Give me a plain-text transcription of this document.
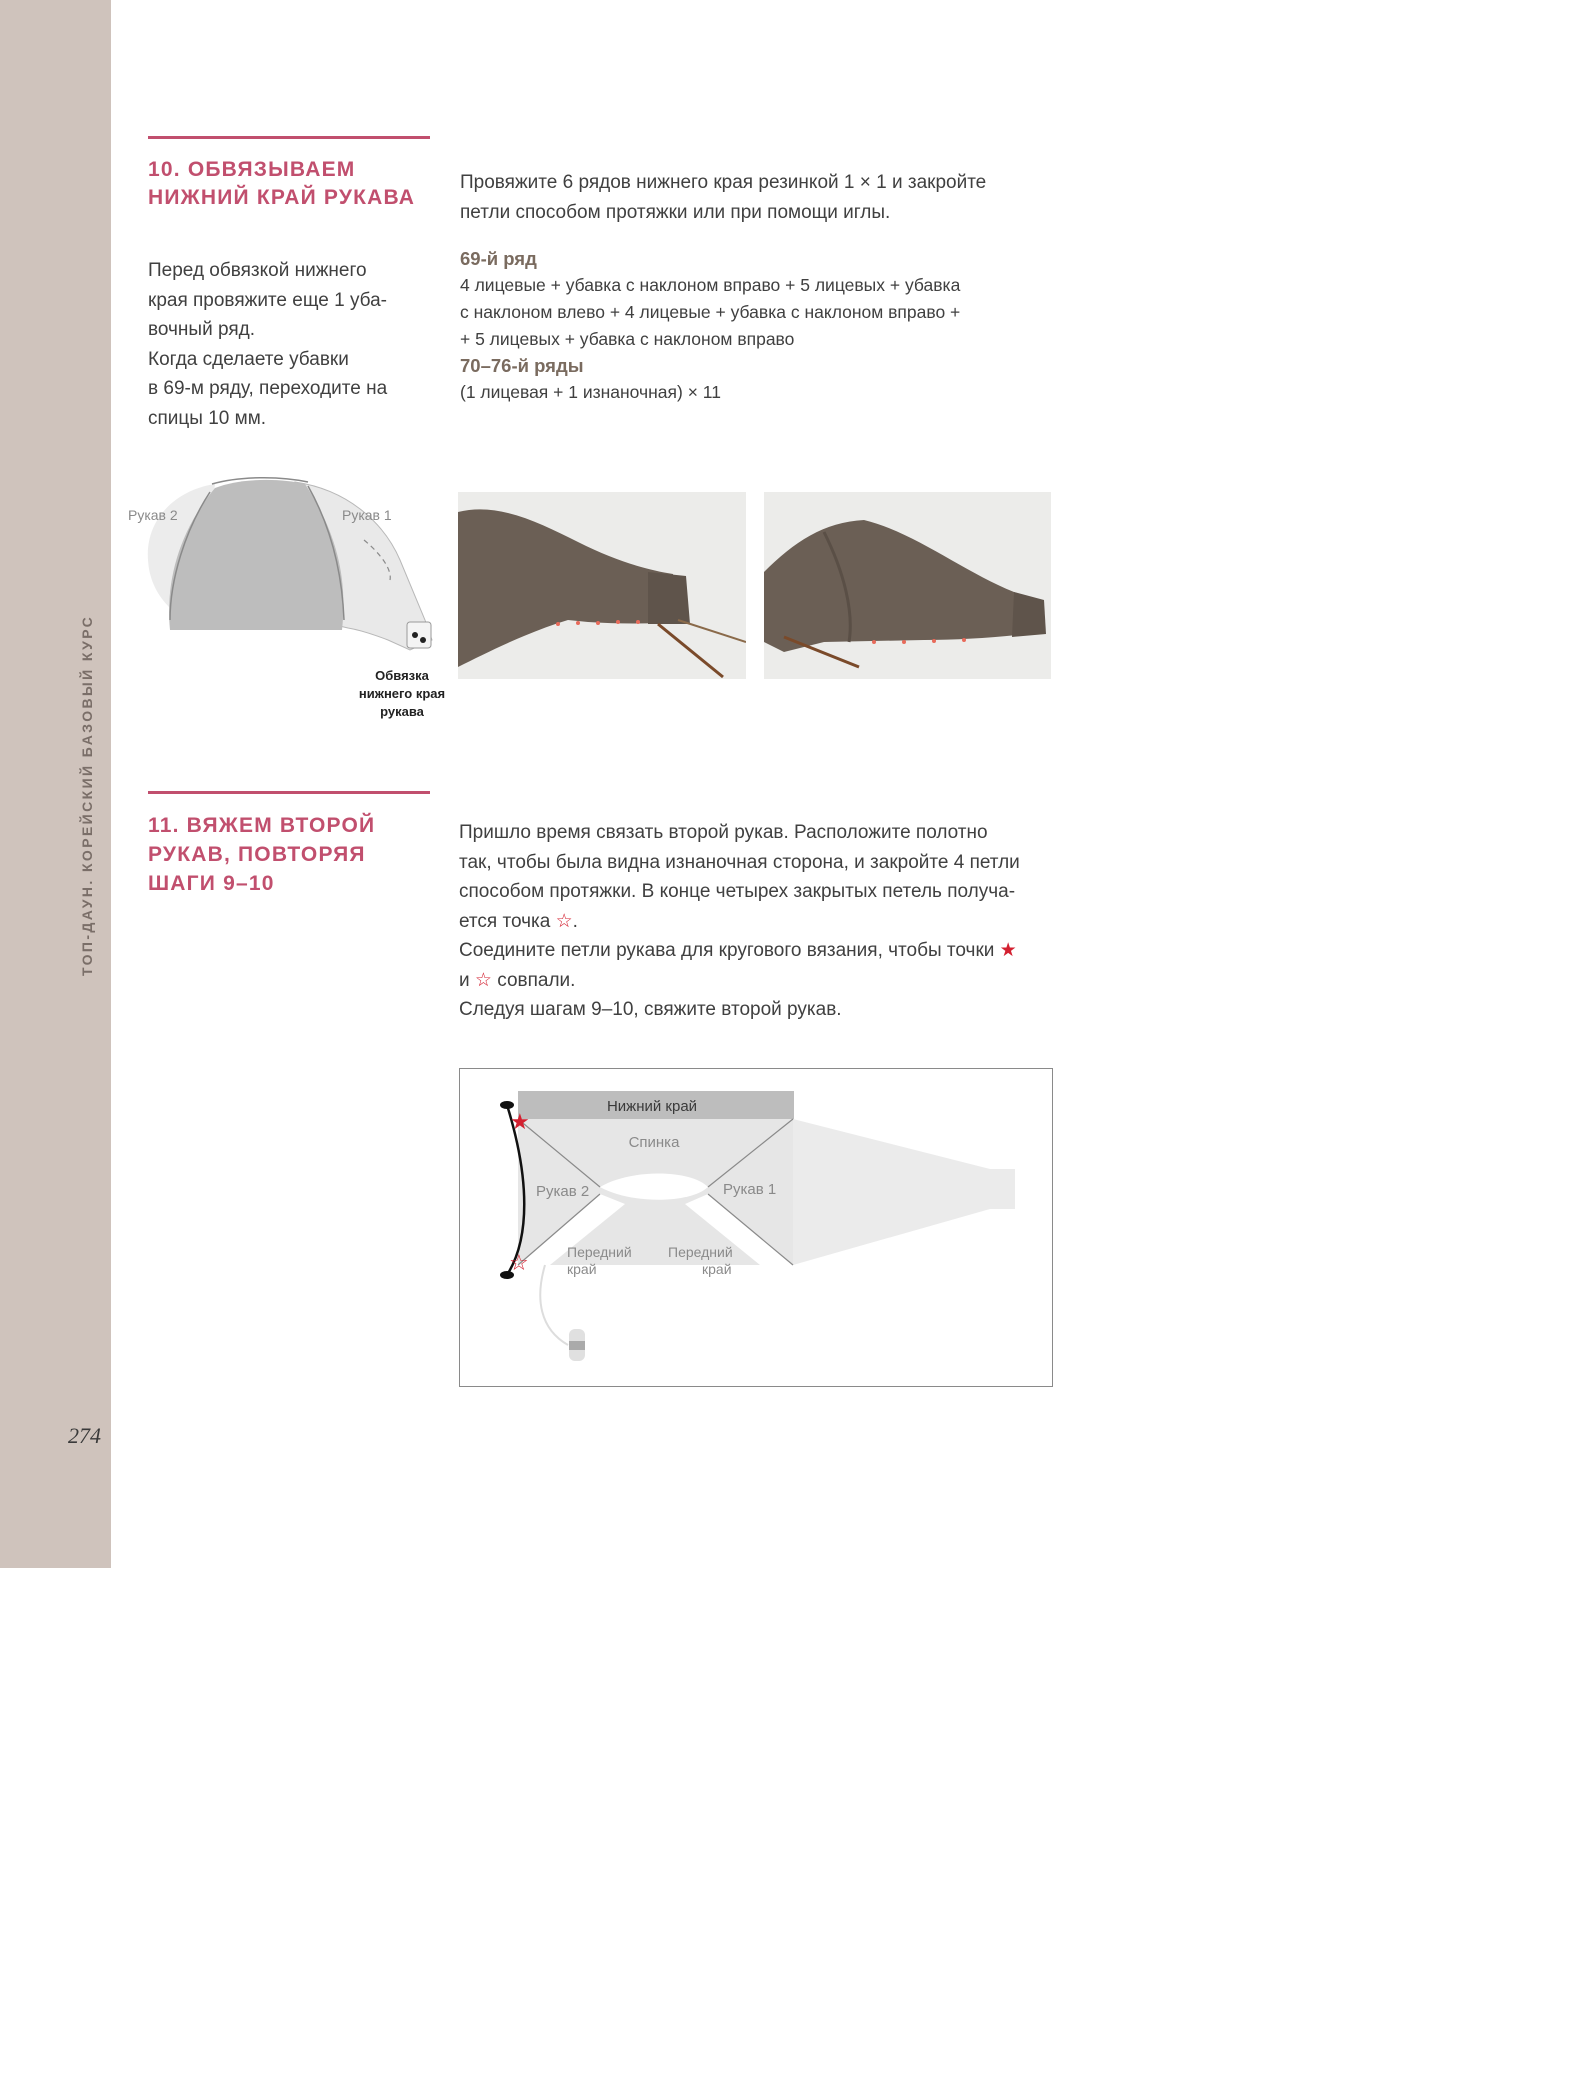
ТОП-ДАУН. КОРЕЙСКИЙ БАЗОВЫЙ КУРС
274
10. ОБВЯЗЫВАЕМ
НИЖНИЙ КРАЙ РУКАВА
Перед обвязкой нижнего
края провяжите еще 1 уба-
вочный ряд.
Когда сделаете убавки
в 69-м ряду, переходите на
спицы 10 мм.
Провяжите 6 рядов нижнего края резинкой 1 × 1 и закройте
петли способом протяжки или при помощи иглы.
69-й ряд
4 лицевые + убавка с наклоном вправо + 5 лицевых + убавка
с наклоном влево + 4 лицевые + убавка с наклоном вправо +
+ 5 лицевых + убавка с наклоном вправо
70–76-й ряды
(1 лицевая + 1 изнаночная) × 11
Рукав 2	Рукав 1
Обвязка
нижнего края
рукава
11. ВЯЖЕМ ВТОРОЙ
РУКАВ, ПОВТОРЯЯ
ШАГИ 9–10
Пришло время связать второй рукав. Расположите полотно
так, чтобы была видна изнаночная сторона, и закройте 4 петли
способом протяжки. В конце четырех закрытых петель получа-
ется точка ☆.
Соедините петли рукава для кругового вязания, чтобы точки ★
и ☆ совпали.
Следуя шагам 9–10, свяжите второй рукав.
★
☆
Нижний край
Спинка
Рукав 2	Рукав 1
Передний
край
Передний
край
